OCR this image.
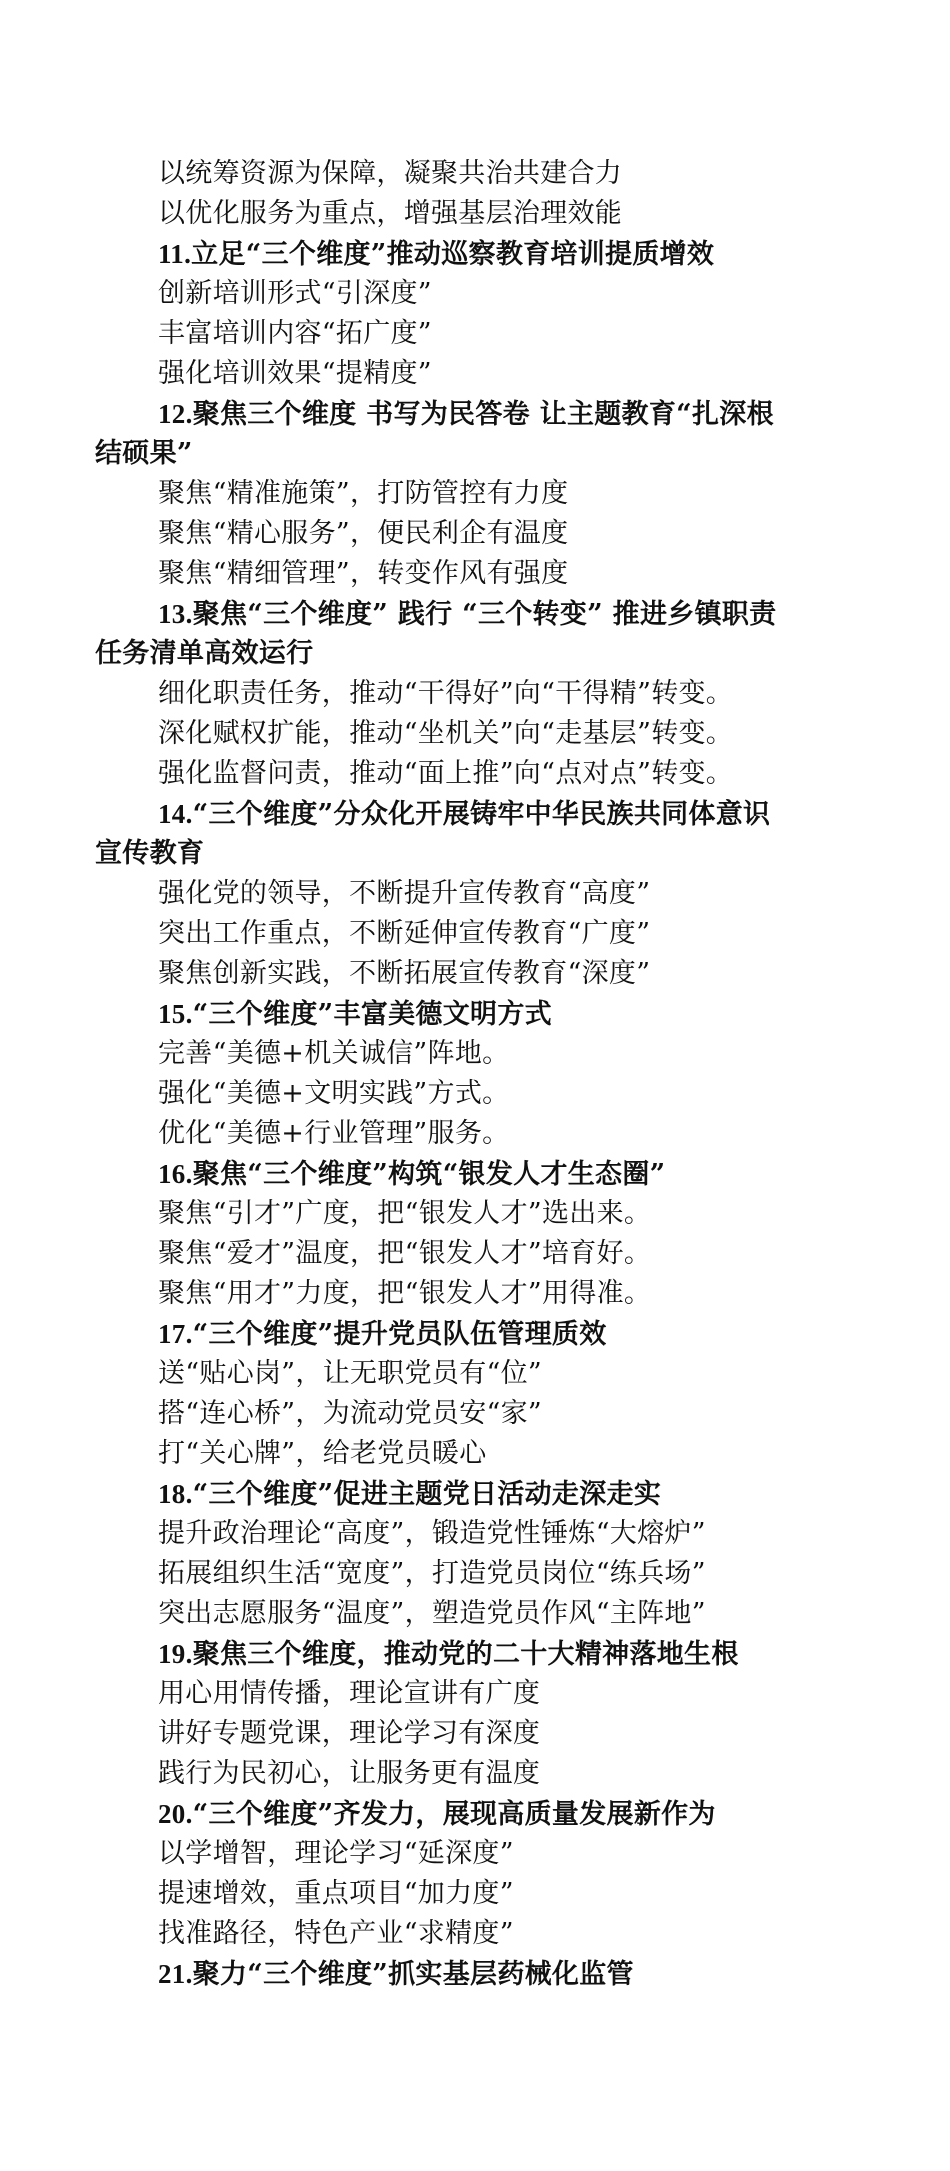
以统筹资源为保障，凝聚共治共建合力
以优化服务为重点，增强基层治理效能
11.立足“三个维度”推动巡察教育培训提质增效
创新培训形式“引深度”
丰富培训内容“拓广度”
强化培训效果“提精度”
12.聚焦三个维度 书写为民答卷 让主题教育“扎深根
结硕果”
聚焦“精准施策”，打防管控有力度
聚焦“精心服务”，便民利企有温度
聚焦“精细管理”，转变作风有强度
13.聚焦“三个维度” 践行 “三个转变” 推进乡镇职责
任务清单高效运行
细化职责任务，推动“干得好”向“干得精”转变。
深化赋权扩能，推动“坐机关”向“走基层”转变。
强化监督问责，推动“面上推”向“点对点”转变。
14.“三个维度”分众化开展铸牢中华民族共同体意识
宣传教育
强化党的领导，不断提升宣传教育“高度”
突出工作重点，不断延伸宣传教育“广度”
聚焦创新实践，不断拓展宣传教育“深度”
15.“三个维度”丰富美德文明方式
完善“美德+机关诚信”阵地。
强化“美德+文明实践”方式。
优化“美德+行业管理”服务。
16.聚焦“三个维度”构筑“银发人才生态圈”
聚焦“引才”广度，把“银发人才”选出来。
聚焦“爱才”温度，把“银发人才”培育好。
聚焦“用才”力度，把“银发人才”用得准。
17.“三个维度”提升党员队伍管理质效
送“贴心岗”，让无职党员有“位”
搭“连心桥”，为流动党员安“家”
打“关心牌”，给老党员暖心
18.“三个维度”促进主题党日活动走深走实
提升政治理论“高度”，锻造党性锤炼“大熔炉”
拓展组织生活“宽度”，打造党员岗位“练兵场”
突出志愿服务“温度”，塑造党员作风“主阵地”
19.聚焦三个维度，推动党的二十大精神落地生根
用心用情传播，理论宣讲有广度
讲好专题党课，理论学习有深度
践行为民初心，让服务更有温度
20.“三个维度”齐发力，展现高质量发展新作为
以学增智，理论学习“延深度”
提速增效，重点项目“加力度”
找准路径，特色产业“求精度”
21.聚力“三个维度”抓实基层药械化监管
